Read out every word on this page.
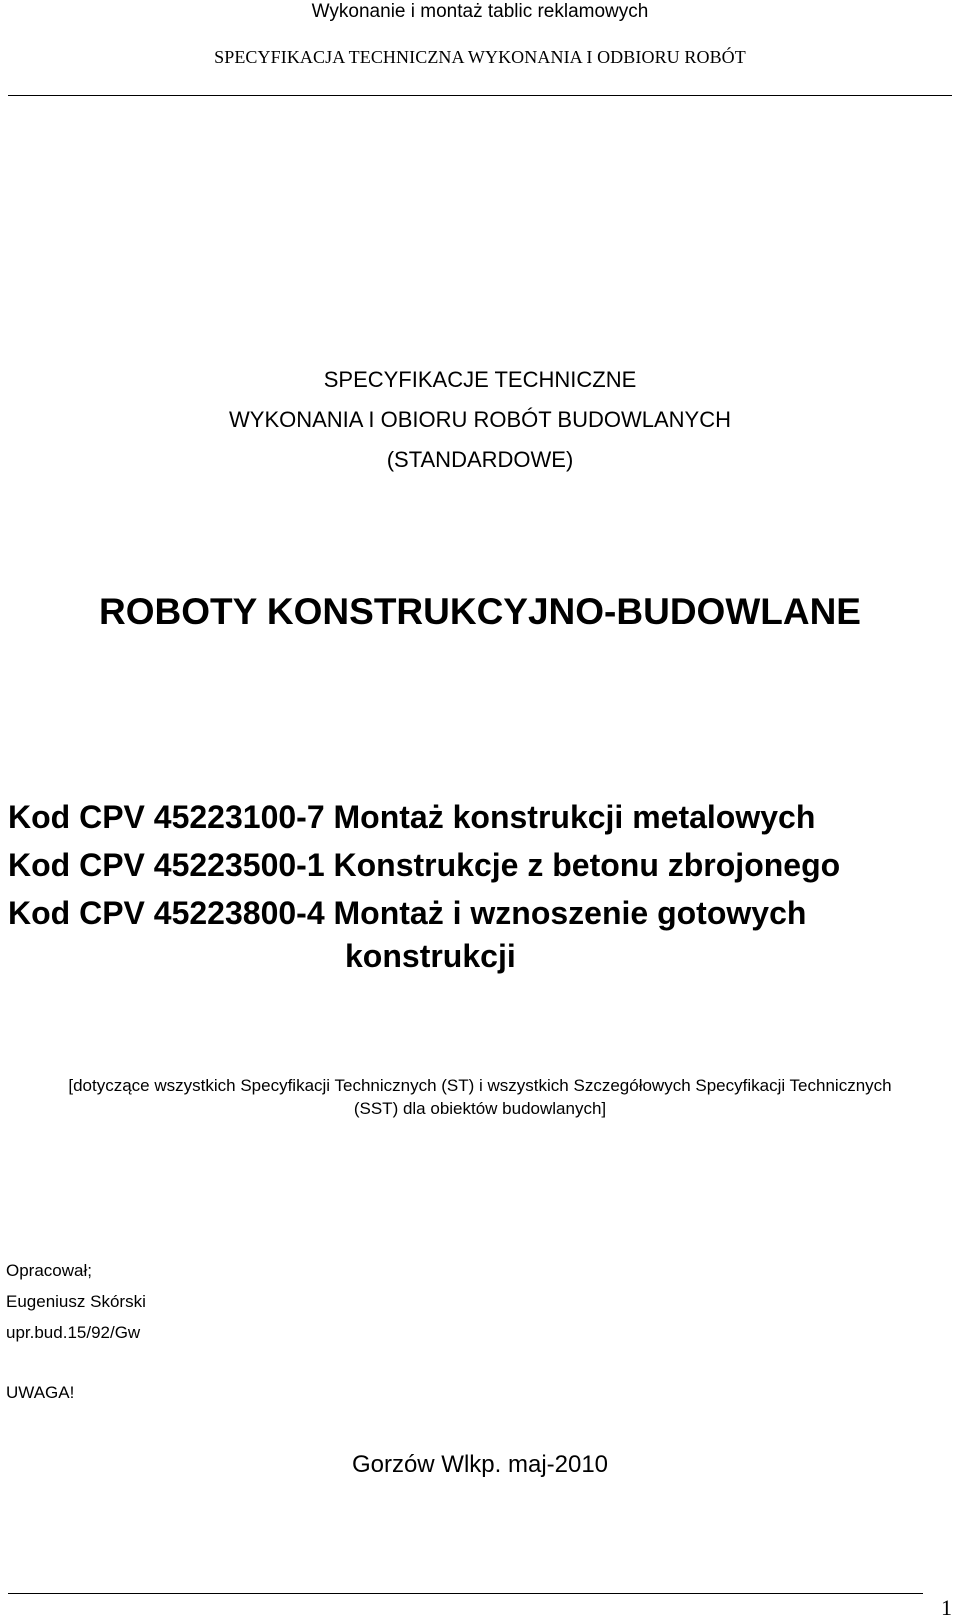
Wykonanie i montaż tablic reklamowych
SPECYFIKACJA TECHNICZNA WYKONANIA I ODBIORU ROBÓT
SPECYFIKACJE TECHNICZNE
WYKONANIA I OBIORU ROBÓT BUDOWLANYCH
(STANDARDOWE)
ROBOTY KONSTRUKCYJNO-BUDOWLANE
Kod CPV 45223100-7 Montaż konstrukcji metalowych
Kod CPV 45223500-1 Konstrukcje z betonu zbrojonego
Kod CPV 45223800-4 Montaż i wznoszenie gotowych
konstrukcji
[dotyczące wszystkich Specyfikacji Technicznych (ST) i wszystkich Szczegółowych Specyfikacji Technicznych
(SST) dla obiektów budowlanych]
Opracował;
Eugeniusz Skórski
upr.bud.15/92/Gw
UWAGA!
Gorzów Wlkp. maj-2010
1
